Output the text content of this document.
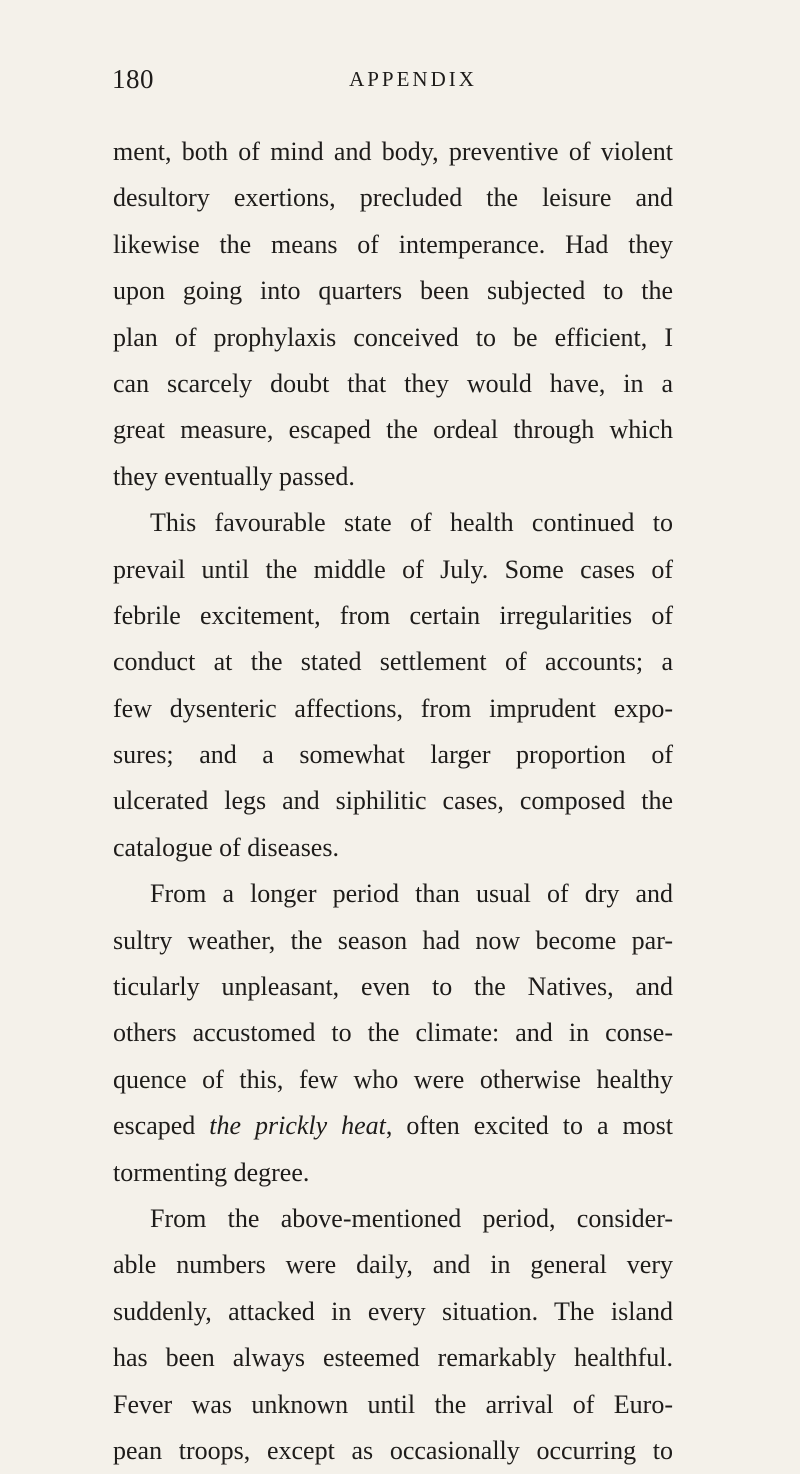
180	APPENDIX
ment, both of mind and body, preventive of violent
desultory exertions, precluded the leisure and
likewise the means of intemperance. Had they
upon going into quarters been subjected to the
plan of prophylaxis conceived to be efficient, I
can scarcely doubt that they would have, in a
great measure, escaped the ordeal through which
they eventually passed.
This favourable state of health continued to
prevail until the middle of July. Some cases of
febrile excitement, from certain irregularities of
conduct at the stated settlement of accounts; a
few dysenteric affections, from imprudent expo-
sures; and a somewhat larger proportion of
ulcerated legs and siphilitic cases, composed the
catalogue of diseases.
From a longer period than usual of dry and
sultry weather, the season had now become par-
ticularly unpleasant, even to the Natives, and
others accustomed to the climate: and in conse-
quence of this, few who were otherwise healthy
escaped the prickly heat, often excited to a most
tormenting degree.
From the above-mentioned period, consider-
able numbers were daily, and in general very
suddenly, attacked in every situation. The island
has been always esteemed remarkably healthful.
Fever was unknown until the arrival of Euro-
pean troops, except as occasionally occurring to
